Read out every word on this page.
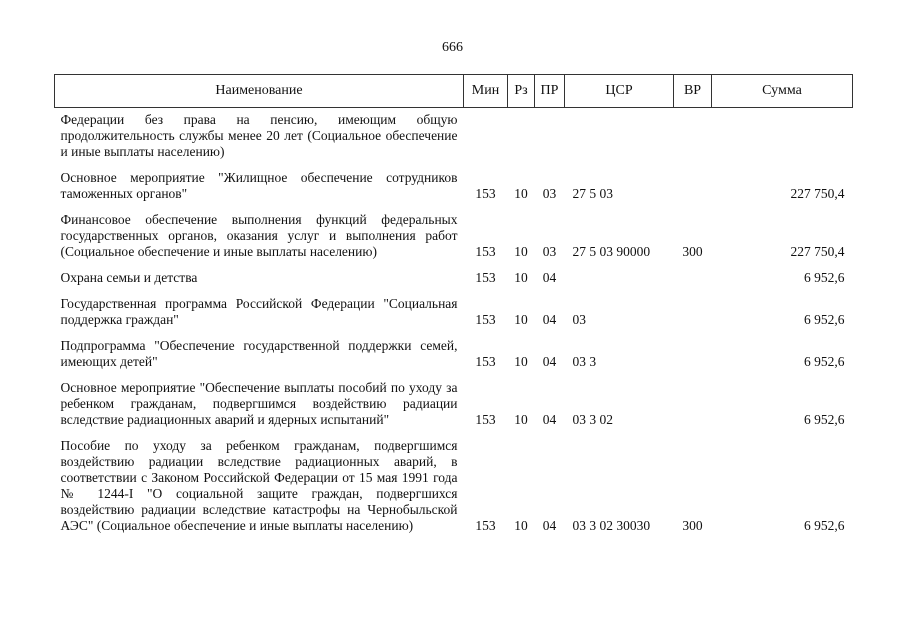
666
Наименование	Мин	Рз	ПР	ЦСР	ВР	Сумма
Федерации без права на пенсию, имеющим общую продолжительность службы менее 20 лет (Социальное обеспечение и иные выплаты населению)						
Основное мероприятие "Жилищное обеспечение сотрудников таможенных органов"	153	10	03	27 5 03		227 750,4
Финансовое обеспечение выполнения функций федеральных государственных органов, оказания услуг и выполнения работ (Социальное обеспечение и иные выплаты населению)	153	10	03	27 5 03 90000	300	227 750,4
Охрана семьи и детства	153	10	04			6 952,6
Государственная программа Российской Федерации "Социальная поддержка граждан"	153	10	04	03		6 952,6
Подпрограмма "Обеспечение государственной поддержки семей, имеющих детей"	153	10	04	03 3		6 952,6
Основное мероприятие "Обеспечение выплаты пособий по уходу за ребенком гражданам, подвергшимся воздействию радиации вследствие радиационных аварий и ядерных испытаний"	153	10	04	03 3 02		6 952,6
Пособие по уходу за ребенком гражданам, подвергшимся воздействию радиации вследствие радиационных аварий, в соответствии с Законом Российской Федерации от 15 мая 1991 года № 1244-I "О социальной защите граждан, подвергшихся воздействию радиации вследствие катастрофы на Чернобыльской АЭС" (Социальное обеспечение и иные выплаты населению)	153	10	04	03 3 02 30030	300	6 952,6
